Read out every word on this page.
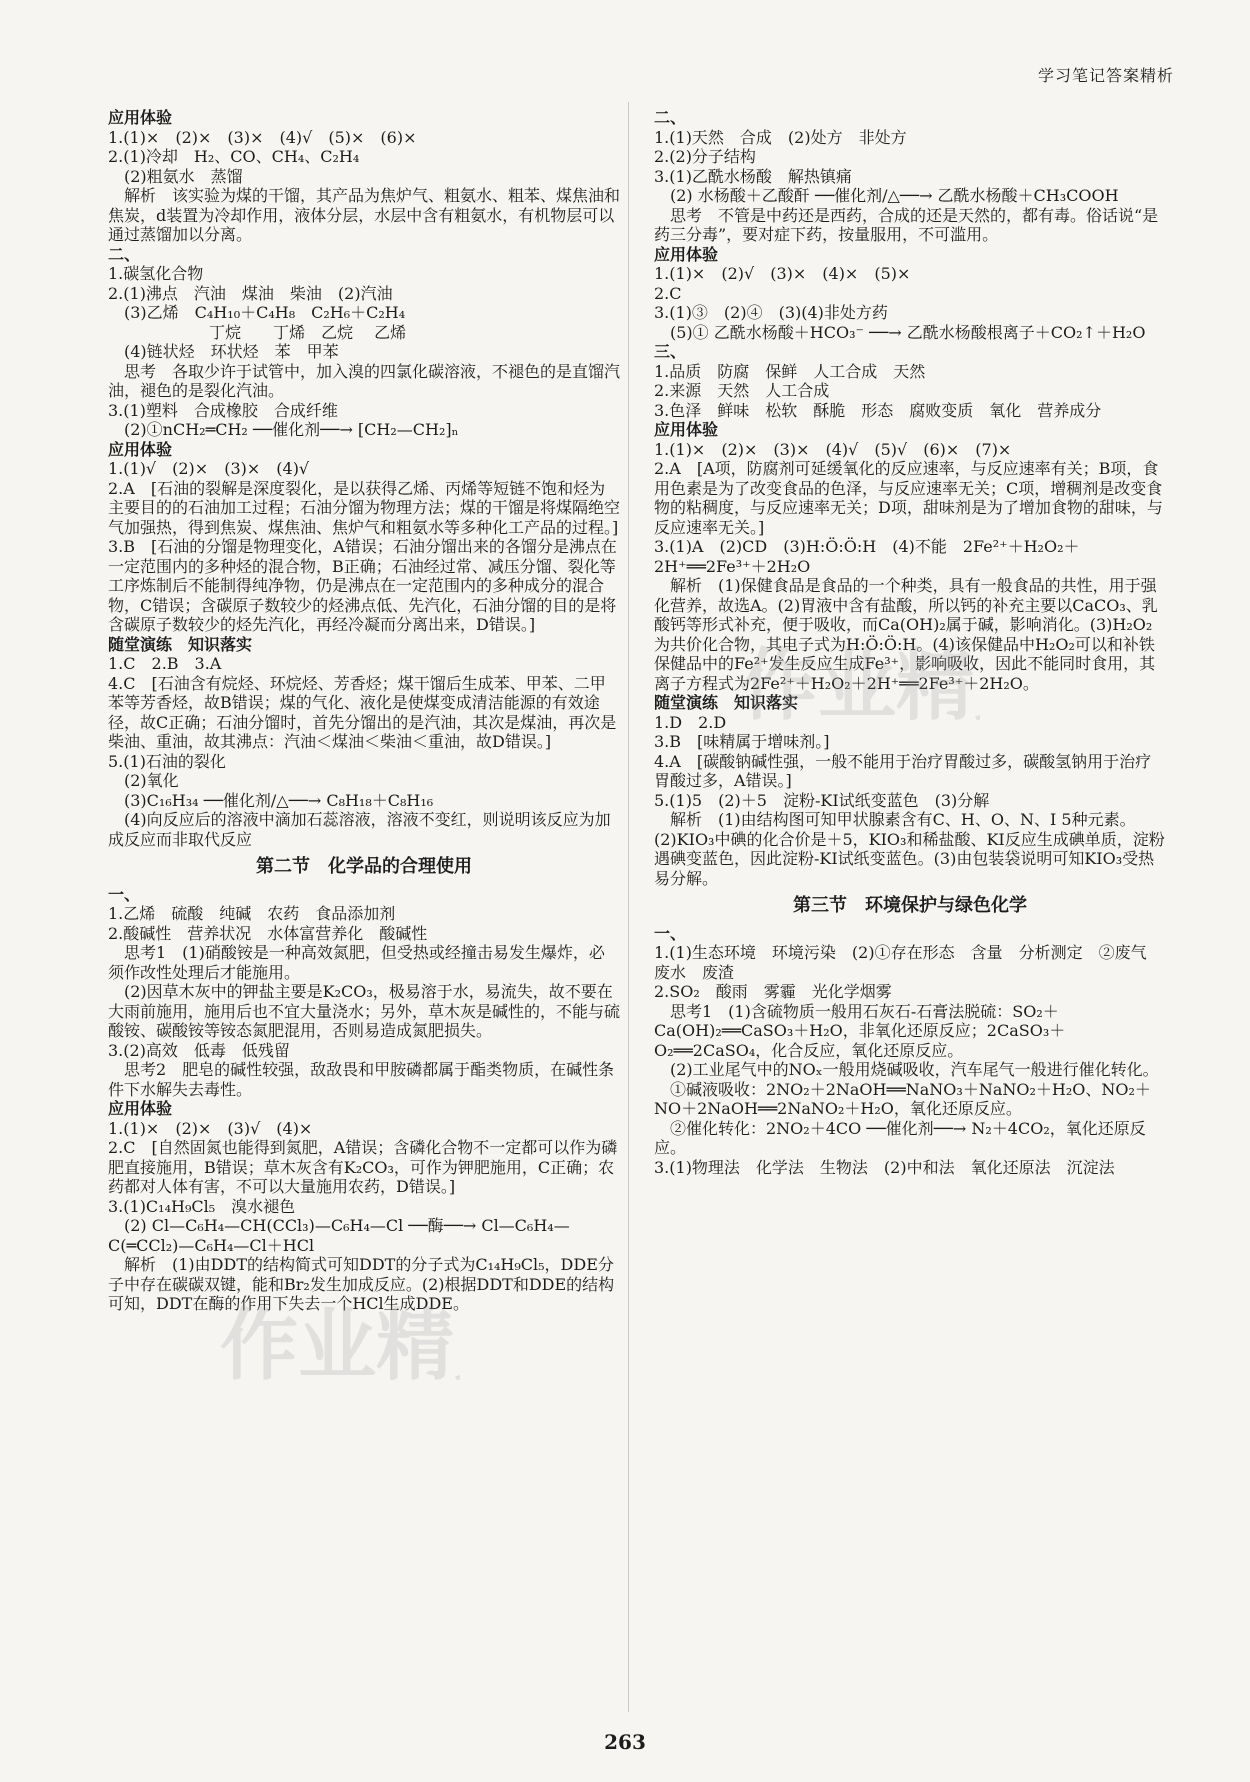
学习笔记答案精析
应用体验
1.(1)×　(2)×　(3)×　(4)√　(5)×　(6)×
2.(1)冷却　H₂、CO、CH₄、C₂H₄
　(2)粗氨水　蒸馏
　解析　该实验为煤的干馏，其产品为焦炉气、粗氨水、粗苯、煤焦油和焦炭，d装置为冷却作用，液体分层，水层中含有粗氨水，有机物层可以通过蒸馏加以分离。
二、
1.碳氢化合物
2.(1)沸点　汽油　煤油　柴油　(2)汽油
　(3)乙烯　C₄H₁₀＋C₄H₈　C₂H₆＋C₂H₄
　　　　　　 丁烷　　丁烯　乙烷　 乙烯
　(4)链状烃　环状烃　苯　甲苯
　思考　各取少许于试管中，加入溴的四氯化碳溶液，不褪色的是直馏汽油，褪色的是裂化汽油。
3.(1)塑料　合成橡胶　合成纤维
　(2)①nCH₂═CH₂ ──催化剂──→ [CH₂—CH₂]ₙ
应用体验
1.(1)√　(2)×　(3)×　(4)√
2.A　[石油的裂解是深度裂化，是以获得乙烯、丙烯等短链不饱和烃为主要目的的石油加工过程；石油分馏为物理方法；煤的干馏是将煤隔绝空气加强热，得到焦炭、煤焦油、焦炉气和粗氨水等多种化工产品的过程。]
3.B　[石油的分馏是物理变化，A错误；石油分馏出来的各馏分是沸点在一定范围内的多种烃的混合物，B正确；石油经过常、减压分馏、裂化等工序炼制后不能制得纯净物，仍是沸点在一定范围内的多种成分的混合物，C错误；含碳原子数较少的烃沸点低、先汽化，石油分馏的目的是将含碳原子数较少的烃先汽化，再经冷凝而分离出来，D错误。]
随堂演练　知识落实
1.C　2.B　3.A
4.C　[石油含有烷烃、环烷烃、芳香烃；煤干馏后生成苯、甲苯、二甲苯等芳香烃，故B错误；煤的气化、液化是使煤变成清洁能源的有效途径，故C正确；石油分馏时，首先分馏出的是汽油，其次是煤油，再次是柴油、重油，故其沸点：汽油＜煤油＜柴油＜重油，故D错误。]
5.(1)石油的裂化
　(2)氧化
　(3)C₁₆H₃₄ ──催化剂/△──→ C₈H₁₈＋C₈H₁₆
　(4)向反应后的溶液中滴加石蕊溶液，溶液不变红，则说明该反应为加成反应而非取代反应
第二节　化学品的合理使用
一、
1.乙烯　硫酸　纯碱　农药　食品添加剂
2.酸碱性　营养状况　水体富营养化　酸碱性
　思考1　(1)硝酸铵是一种高效氮肥，但受热或经撞击易发生爆炸，必须作改性处理后才能施用。
　(2)因草木灰中的钾盐主要是K₂CO₃，极易溶于水，易流失，故不要在大雨前施用，施用后也不宜大量浇水；另外，草木灰是碱性的，不能与硫酸铵、碳酸铵等铵态氮肥混用，否则易造成氮肥损失。
3.(2)高效　低毒　低残留
　思考2　肥皂的碱性较强，敌敌畏和甲胺磷都属于酯类物质，在碱性条件下水解失去毒性。
应用体验
1.(1)×　(2)×　(3)√　(4)×
2.C　[自然固氮也能得到氮肥，A错误；含磷化合物不一定都可以作为磷肥直接施用，B错误；草木灰含有K₂CO₃，可作为钾肥施用，C正确；农药都对人体有害，不可以大量施用农药，D错误。]
3.(1)C₁₄H₉Cl₅　溴水褪色
　(2) Cl—C₆H₄—CH(CCl₃)—C₆H₄—Cl ──酶──→ Cl—C₆H₄—C(═CCl₂)—C₆H₄—Cl＋HCl
　解析　(1)由DDT的结构简式可知DDT的分子式为C₁₄H₉Cl₅，DDE分子中存在碳碳双键，能和Br₂发生加成反应。(2)根据DDT和DDE的结构可知，DDT在酶的作用下失去一个HCl生成DDE。
二、
1.(1)天然　合成　(2)处方　非处方
2.(2)分子结构
3.(1)乙酰水杨酸　解热镇痛
　(2) 水杨酸＋乙酸酐 ──催化剂/△──→ 乙酰水杨酸＋CH₃COOH
　思考　不管是中药还是西药，合成的还是天然的，都有毒。俗话说“是药三分毒”，要对症下药，按量服用，不可滥用。
应用体验
1.(1)×　(2)√　(3)×　(4)×　(5)×
2.C
3.(1)③　(2)④　(3)(4)非处方药
　(5)① 乙酰水杨酸＋HCO₃⁻ ──→ 乙酰水杨酸根离子＋CO₂↑＋H₂O
三、
1.品质　防腐　保鲜　人工合成　天然
2.来源　天然　人工合成
3.色泽　鲜味　松软　酥脆　形态　腐败变质　氧化　营养成分
应用体验
1.(1)×　(2)×　(3)×　(4)√　(5)√　(6)×　(7)×
2.A　[A项，防腐剂可延缓氧化的反应速率，与反应速率有关；B项，食用色素是为了改变食品的色泽，与反应速率无关；C项，增稠剂是改变食物的粘稠度，与反应速率无关；D项，甜味剂是为了增加食物的甜味，与反应速率无关。]
3.(1)A　(2)CD　(3)H:Ö:Ö:H　(4)不能　2Fe²⁺＋H₂O₂＋2H⁺══2Fe³⁺＋2H₂O
　解析　(1)保健食品是食品的一个种类，具有一般食品的共性，用于强化营养，故选A。(2)胃液中含有盐酸，所以钙的补充主要以CaCO₃、乳酸钙等形式补充，便于吸收，而Ca(OH)₂属于碱，影响消化。(3)H₂O₂为共价化合物，其电子式为H:Ö:Ö:H。(4)该保健品中H₂O₂可以和补铁保健品中的Fe²⁺发生反应生成Fe³⁺，影响吸收，因此不能同时食用，其离子方程式为2Fe²⁺＋H₂O₂＋2H⁺══2Fe³⁺＋2H₂O。
随堂演练　知识落实
1.D　2.D
3.B　[味精属于增味剂。]
4.A　[碳酸钠碱性强，一般不能用于治疗胃酸过多，碳酸氢钠用于治疗胃酸过多，A错误。]
5.(1)5　(2)＋5　淀粉-KI试纸变蓝色　(3)分解
　解析　(1)由结构图可知甲状腺素含有C、H、O、N、I 5种元素。(2)KIO₃中碘的化合价是＋5，KIO₃和稀盐酸、KI反应生成碘单质，淀粉遇碘变蓝色，因此淀粉-KI试纸变蓝色。(3)由包装袋说明可知KIO₃受热易分解。
第三节　环境保护与绿色化学
一、
1.(1)生态环境　环境污染　(2)①存在形态　含量　分析测定　②废气　废水　废渣
2.SO₂　酸雨　雾霾　光化学烟雾
　思考1　(1)含硫物质一般用石灰石-石膏法脱硫：SO₂＋Ca(OH)₂══CaSO₃＋H₂O，非氧化还原反应；2CaSO₃＋O₂══2CaSO₄，化合反应，氧化还原反应。
　(2)工业尾气中的NOₓ一般用烧碱吸收，汽车尾气一般进行催化转化。
　①碱液吸收：2NO₂＋2NaOH══NaNO₃＋NaNO₂＋H₂O、NO₂＋NO＋2NaOH══2NaNO₂＋H₂O，氧化还原反应。
　②催化转化：2NO₂＋4CO ──催化剂──→ N₂＋4CO₂，氧化还原反应。
3.(1)物理法　化学法　生物法　(2)中和法　氧化还原法　沉淀法
作业精
作业精
263
